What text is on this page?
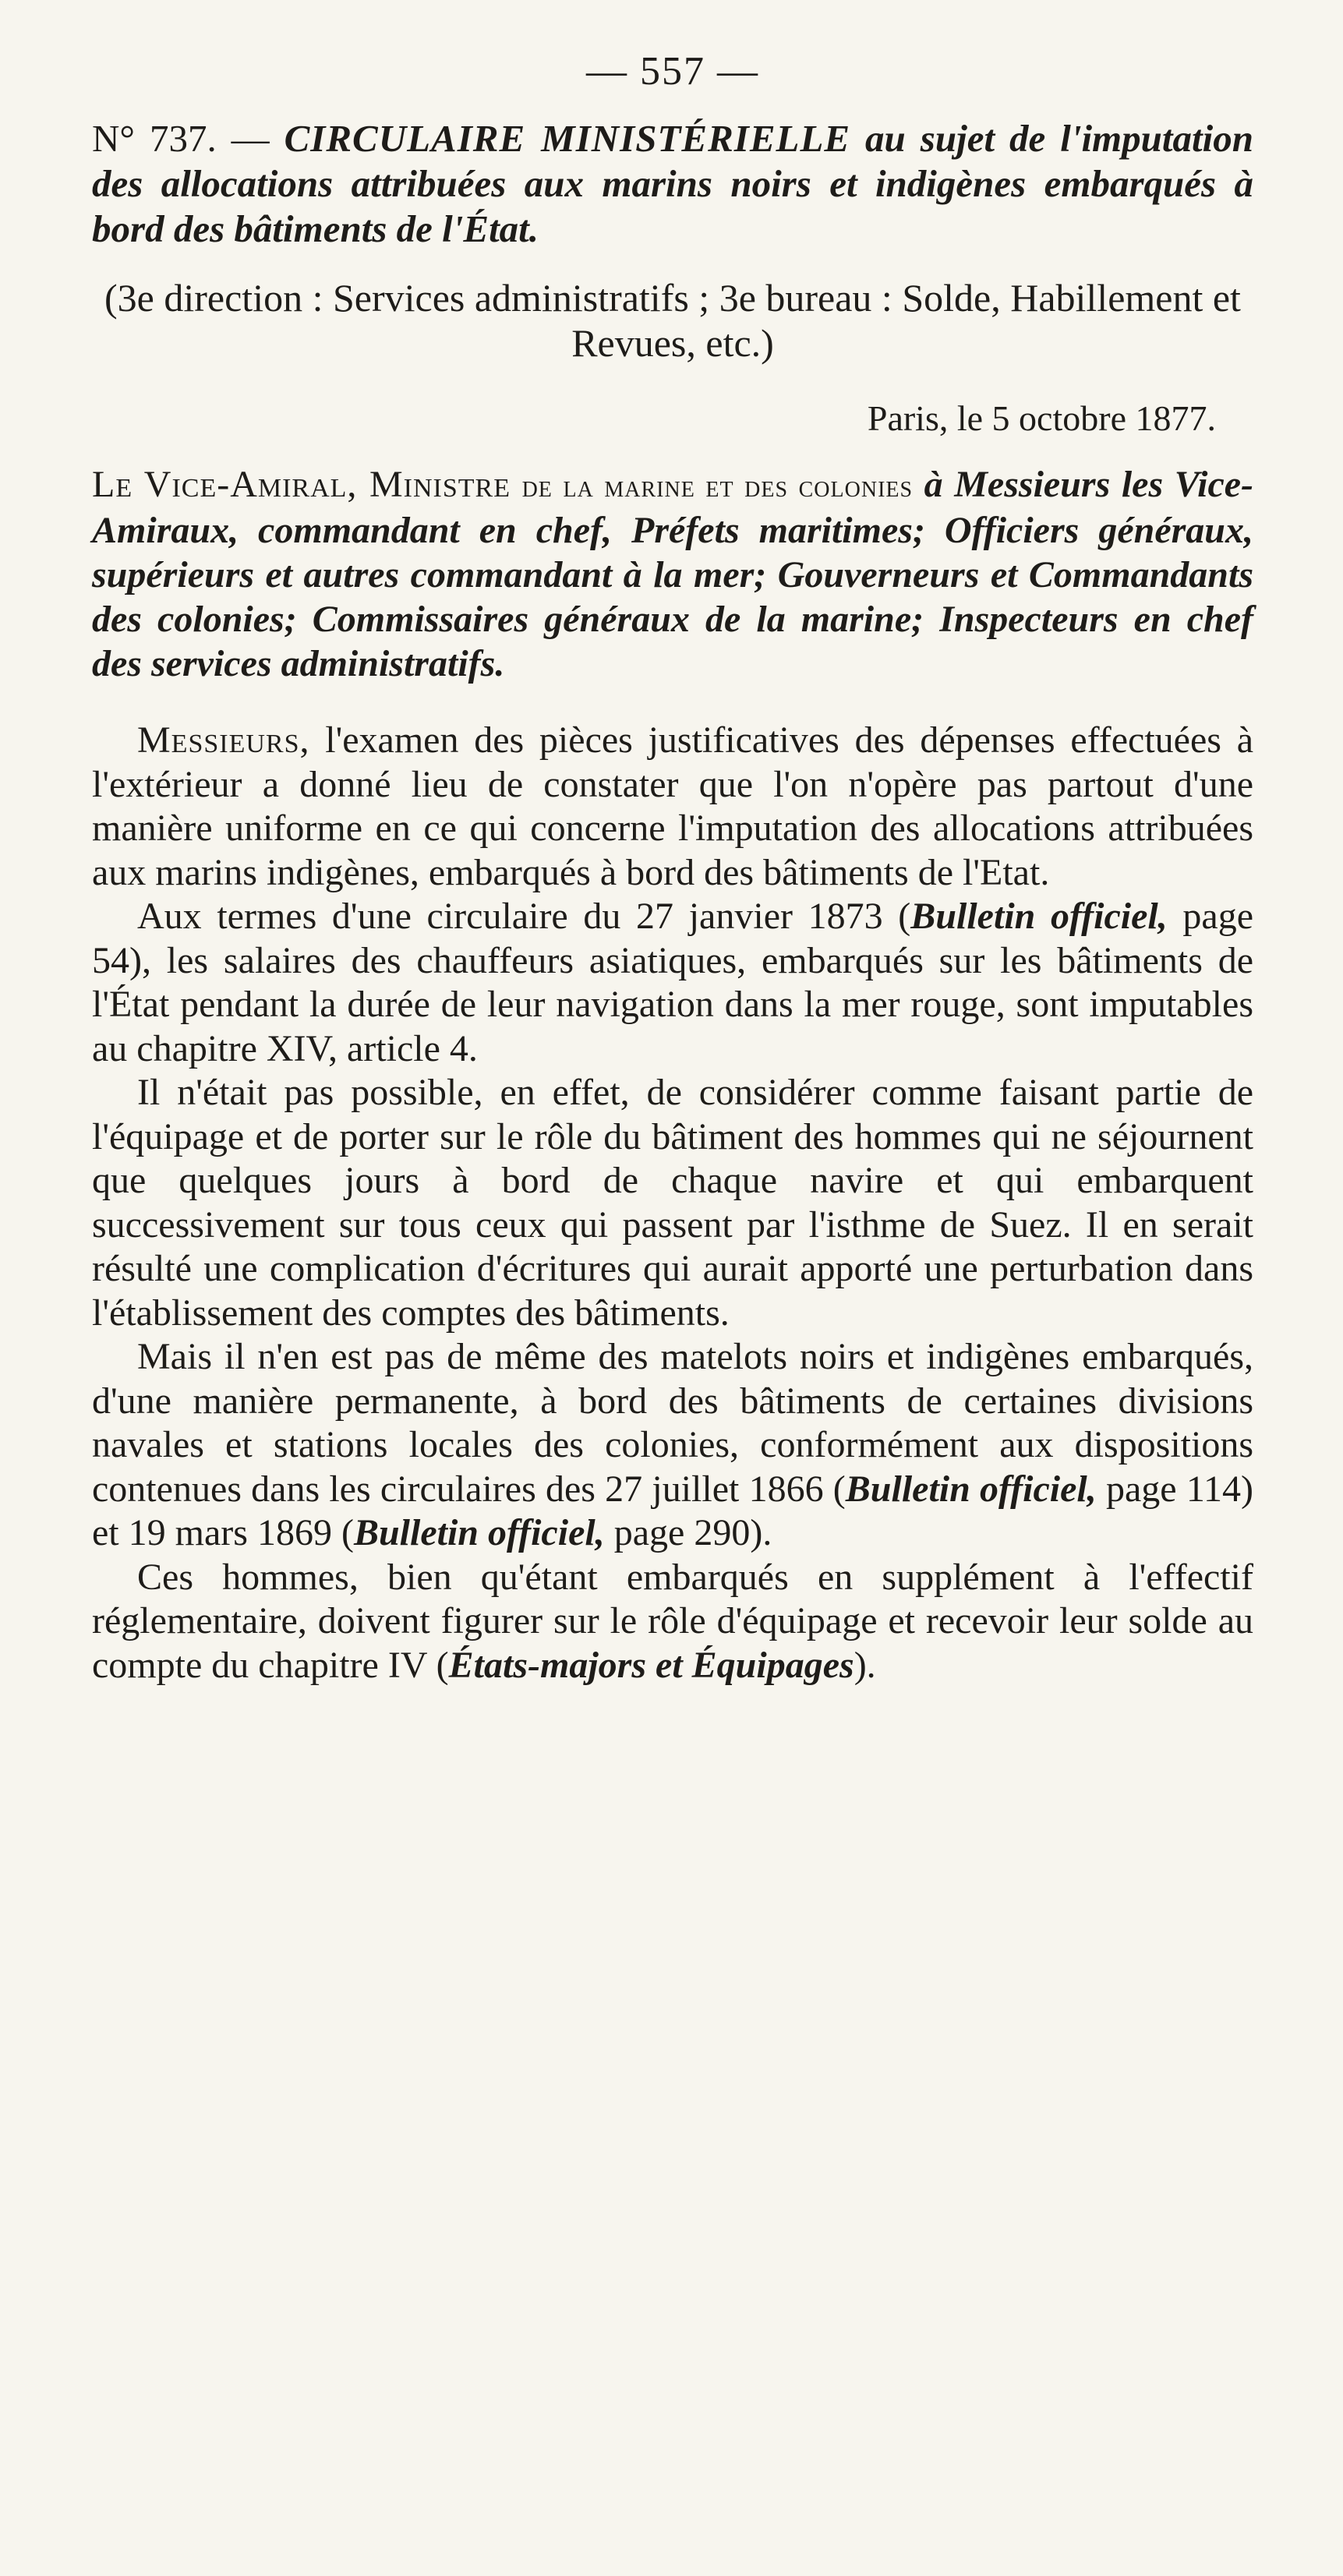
— 557 —

N° 737. — CIRCULAIRE MINISTÉRIELLE au sujet de l'imputation des allocations attribuées aux marins noirs et indigènes embarqués à bord des bâtiments de l'État.

(3e direction : Services administratifs ; 3e bureau : Solde, Habillement et Revues, etc.)

Paris, le 5 octobre 1877.

Le Vice-Amiral, Ministre de la marine et des colonies à Messieurs les Vice-Amiraux, commandant en chef, Préfets maritimes; Officiers généraux, supérieurs et autres commandant à la mer; Gouverneurs et Commandants des colonies; Commissaires généraux de la marine; Inspecteurs en chef des services administratifs.

Messieurs, l'examen des pièces justificatives des dépenses effectuées à l'extérieur a donné lieu de constater que l'on n'opère pas partout d'une manière uniforme en ce qui concerne l'imputation des allocations attribuées aux marins indigènes, embarqués à bord des bâtiments de l'Etat.

Aux termes d'une circulaire du 27 janvier 1873 (Bulletin officiel, page 54), les salaires des chauffeurs asiatiques, embarqués sur les bâtiments de l'État pendant la durée de leur navigation dans la mer rouge, sont imputables au chapitre XIV, article 4.

Il n'était pas possible, en effet, de considérer comme faisant partie de l'équipage et de porter sur le rôle du bâtiment des hommes qui ne séjournent que quelques jours à bord de chaque navire et qui embarquent successivement sur tous ceux qui passent par l'isthme de Suez. Il en serait résulté une complication d'écritures qui aurait apporté une perturbation dans l'établissement des comptes des bâtiments.

Mais il n'en est pas de même des matelots noirs et indigènes embarqués, d'une manière permanente, à bord des bâtiments de certaines divisions navales et stations locales des colonies, conformément aux dispositions contenues dans les circulaires des 27 juillet 1866 (Bulletin officiel, page 114) et 19 mars 1869 (Bulletin officiel, page 290).

Ces hommes, bien qu'étant embarqués en supplément à l'effectif réglementaire, doivent figurer sur le rôle d'équipage et recevoir leur solde au compte du chapitre IV (États-majors et Équipages).
